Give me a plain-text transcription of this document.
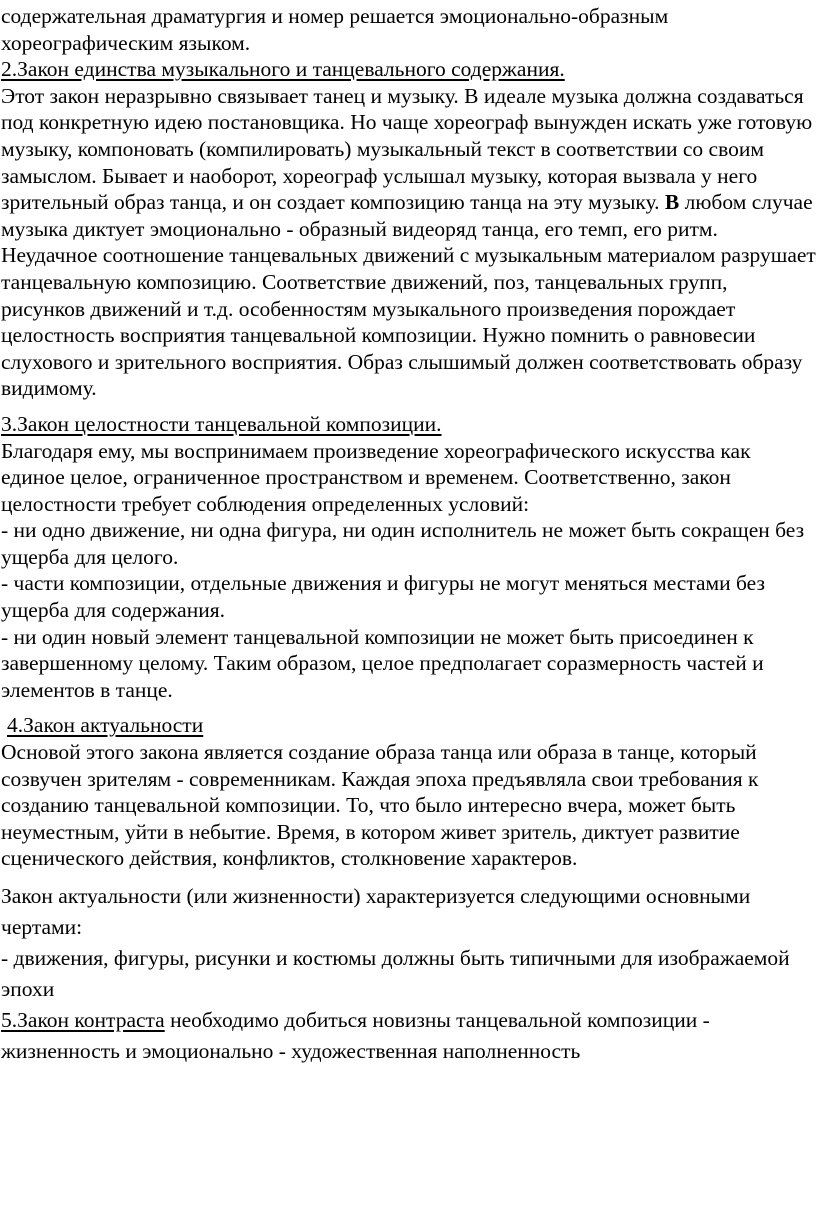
содержательная драматургия и номер решается эмоционально-образным
хореографическим языком.

2.Закон единства музыкального и танцевального содержания.

Этот закон неразрывно связывает танец и музыку. В идеале музыка должна создаваться под конкретную идею постановщика. Но чаще хореограф вынужден искать уже готовую музыку, компоновать (компилировать) музыкальный текст в соответствии со своим замыслом. Бывает и наоборот, хореограф услышал музыку, которая вызвала у него зрительный образ танца, и он создает композицию танца на эту музыку. В любом случае музыка диктует эмоционально - образный видеоряд танца, его темп, его ритм. Неудачное соотношение танцевальных движений с музыкальным материалом разрушает танцевальную композицию. Соответствие движений, поз, танцевальных групп, рисунков движений и т.д. особенностям музыкального произведения порождает целостность восприятия танцевальной композиции. Нужно помнить о равновесии слухового и зрительного восприятия. Образ слышимый должен соответствовать образу видимому.

3.Закон целостности танцевальной композиции.

Благодаря ему, мы воспринимаем произведение хореографического искусства как единое целое, ограниченное пространством и временем. Соответственно, закон целостности требует соблюдения определенных условий:

- ни одно движение, ни одна фигура, ни один исполнитель не может быть сокращен без ущерба для целого.

- части композиции, отдельные движения и фигуры не могут меняться местами без ущерба для содержания.

- ни один новый элемент танцевальной композиции не может быть присоединен к завершенному целому. Таким образом, целое предполагает соразмерность частей и элементов в танце.

4.Закон актуальности

Основой этого закона является создание образа танца или образа в танце, который созвучен зрителям - современникам. Каждая эпоха предъявляла свои требования к созданию танцевальной композиции. То, что было интересно вчера, может быть неуместным, уйти в небытие. Время, в котором живет зритель, диктует развитие сценического действия, конфликтов, столкновение характеров.

Закон актуальности (или жизненности) характеризуется следующими основными чертами:

- движения, фигуры, рисунки и костюмы должны быть типичными для изображаемой эпохи

5.Закон контраста необходимо добиться новизны танцевальной композиции - жизненность и эмоционально - художественная наполненность
